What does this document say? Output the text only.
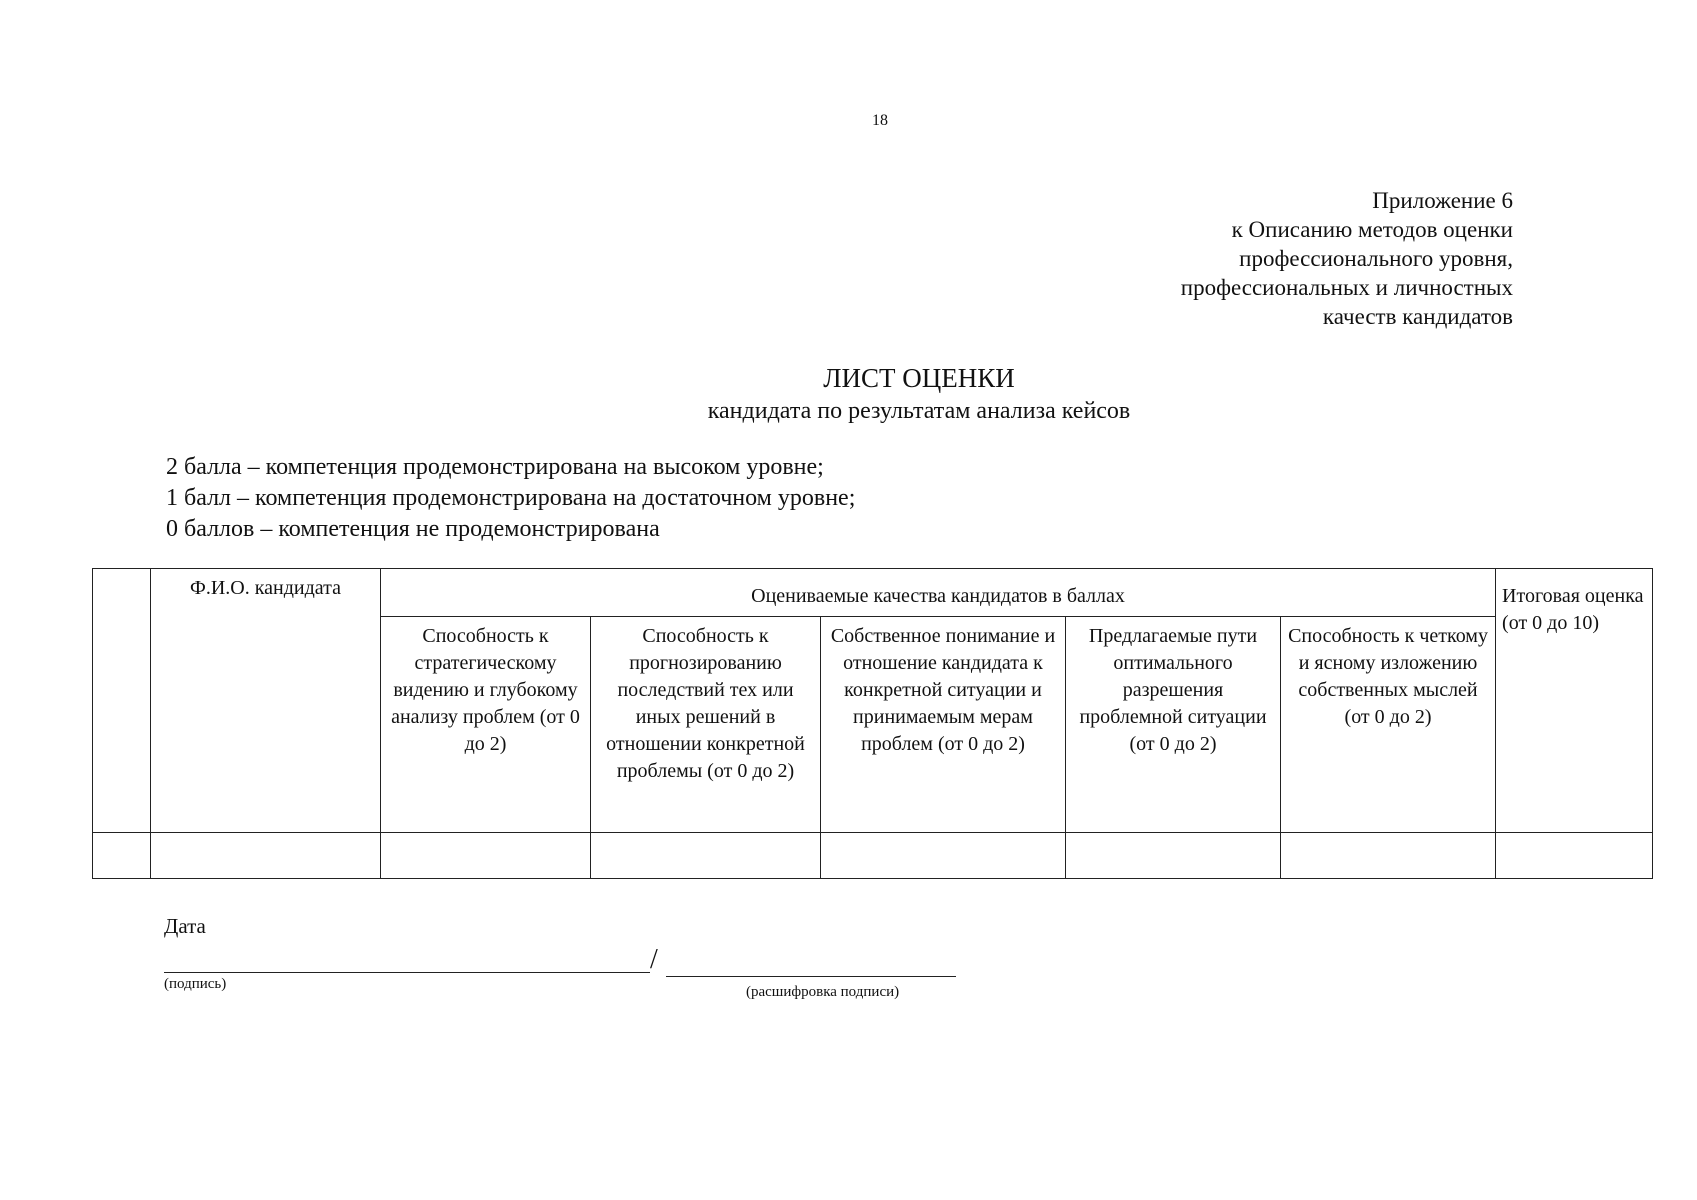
18
Приложение 6
к Описанию методов оценки
профессионального уровня,
профессиональных и личностных
качеств кандидатов
ЛИСТ ОЦЕНКИ
кандидата по результатам анализа кейсов
2 балла – компетенция продемонстрирована на высоком уровне;
1 балл – компетенция продемонстрирована на достаточном уровне;
0 баллов – компетенция не продемонстрирована
	Ф.И.О. кандидата	Оцениваемые качества кандидатов в баллах					Итоговая оценка (от 0 до 10)
		Способность к стратегическому видению и глубокому анализу проблем (от 0 до 2)	Способность к прогнозированию последствий тех или иных решений в отношении конкретной проблемы (от 0 до 2)	Собственное понимание и отношение кандидата к конкретной ситуации и принимаемым мерам проблем (от 0 до 2)	Предлагаемые пути оптимального разрешения проблемной ситуации (от 0 до 2)	Способность к четкому и ясному изложению собственных мыслей (от 0 до 2)	

Дата
/
(подпись)	(расшифровка подписи)
